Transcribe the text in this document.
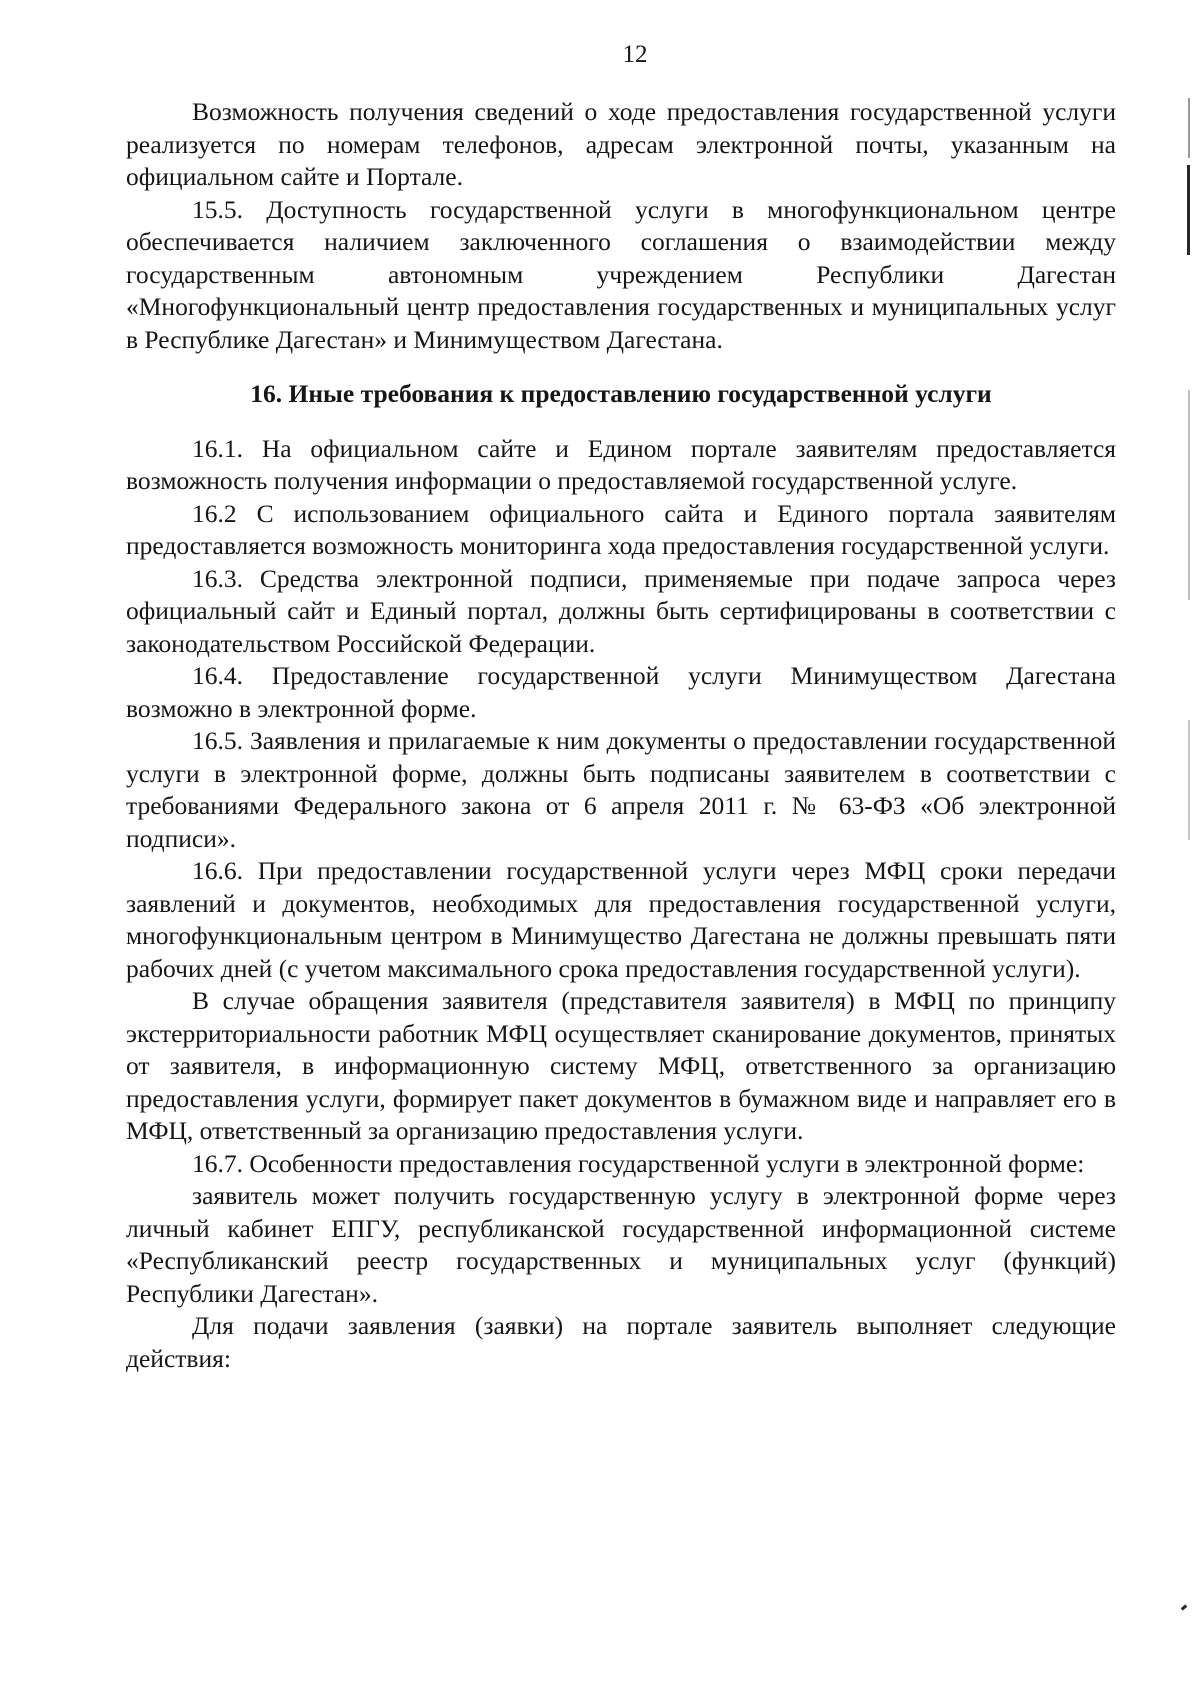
12

Возможность получения сведений о ходе предоставления государственной услуги реализуется по номерам телефонов, адресам электронной почты, указанным на официальном сайте и Портале.

15.5. Доступность государственной услуги в многофункциональном центре обеспечивается наличием заключенного соглашения о взаимодействии между государственным автономным учреждением Республики Дагестан «Многофункциональный центр предоставления государственных и муниципальных услуг в Республике Дагестан» и Минимуществом Дагестана.

16. Иные требования к предоставлению государственной услуги

16.1. На официальном сайте и Едином портале заявителям предоставляется возможность получения информации о предоставляемой государственной услуге.

16.2 С использованием официального сайта и Единого портала заявителям предоставляется возможность мониторинга хода предоставления государственной услуги.

16.3. Средства электронной подписи, применяемые при подаче запроса через официальный сайт и Единый портал, должны быть сертифицированы в соответствии с законодательством Российской Федерации.

16.4. Предоставление государственной услуги Минимуществом Дагестана возможно в электронной форме.

16.5. Заявления и прилагаемые к ним документы о предоставлении государственной услуги в электронной форме, должны быть подписаны заявителем в соответствии с требованиями Федерального закона от 6 апреля 2011 г. № 63-ФЗ «Об электронной подписи».

16.6. При предоставлении государственной услуги через МФЦ сроки передачи заявлений и документов, необходимых для предоставления государственной услуги, многофункциональным центром в Минимущество Дагестана не должны превышать пяти рабочих дней (с учетом максимального срока предоставления государственной услуги).

В случае обращения заявителя (представителя заявителя) в МФЦ по принципу экстерриториальности работник МФЦ осуществляет сканирование документов, принятых от заявителя, в информационную систему МФЦ, ответственного за организацию предоставления услуги, формирует пакет документов в бумажном виде и направляет его в МФЦ, ответственный за организацию предоставления услуги.

16.7. Особенности предоставления государственной услуги в электронной форме:

заявитель может получить государственную услугу в электронной форме через личный кабинет ЕПГУ, республиканской государственной информационной системе «Республиканский реестр государственных и муниципальных услуг (функций) Республики Дагестан».

Для подачи заявления (заявки) на портале заявитель выполняет следующие действия:
